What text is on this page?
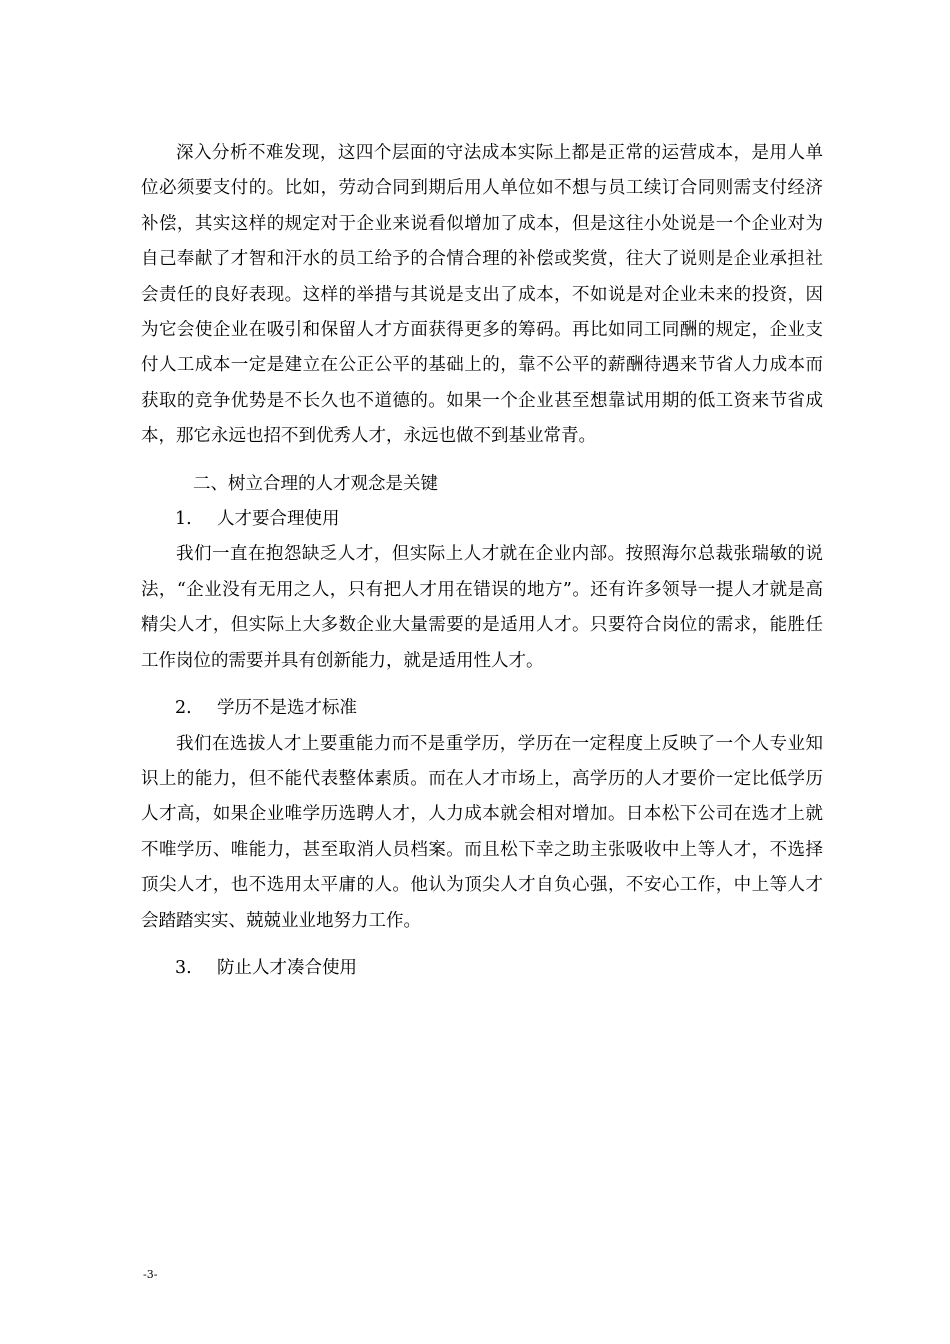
深入分析不难发现，这四个层面的守法成本实际上都是正常的运营成本，是用人单位必须要支付的。比如，劳动合同到期后用人单位如不想与员工续订合同则需支付经济补偿，其实这样的规定对于企业来说看似增加了成本，但是这往小处说是一个企业对为自己奉献了才智和汗水的员工给予的合情合理的补偿或奖赏，往大了说则是企业承担社会责任的良好表现。这样的举措与其说是支出了成本，不如说是对企业未来的投资，因为它会使企业在吸引和保留人才方面获得更多的筹码。再比如同工同酬的规定，企业支付人工成本一定是建立在公正公平的基础上的，靠不公平的薪酬待遇来节省人力成本而获取的竞争优势是不长久也不道德的。如果一个企业甚至想靠试用期的低工资来节省成本，那它永远也招不到优秀人才，永远也做不到基业常青。

二、树立合理的人才观念是关键

1. 人才要合理使用

我们一直在抱怨缺乏人才，但实际上人才就在企业内部。按照海尔总裁张瑞敏的说法，“企业没有无用之人，只有把人才用在错误的地方”。还有许多领导一提人才就是高精尖人才，但实际上大多数企业大量需要的是适用人才。只要符合岗位的需求，能胜任工作岗位的需要并具有创新能力，就是适用性人才。

2. 学历不是选才标准

我们在选拔人才上要重能力而不是重学历，学历在一定程度上反映了一个人专业知识上的能力，但不能代表整体素质。而在人才市场上，高学历的人才要价一定比低学历人才高，如果企业唯学历选聘人才，人力成本就会相对增加。日本松下公司在选才上就不唯学历、唯能力，甚至取消人员档案。而且松下幸之助主张吸收中上等人才，不选择顶尖人才，也不选用太平庸的人。他认为顶尖人才自负心强，不安心工作，中上等人才会踏踏实实、兢兢业业地努力工作。

3. 防止人才凑合使用

-3-
